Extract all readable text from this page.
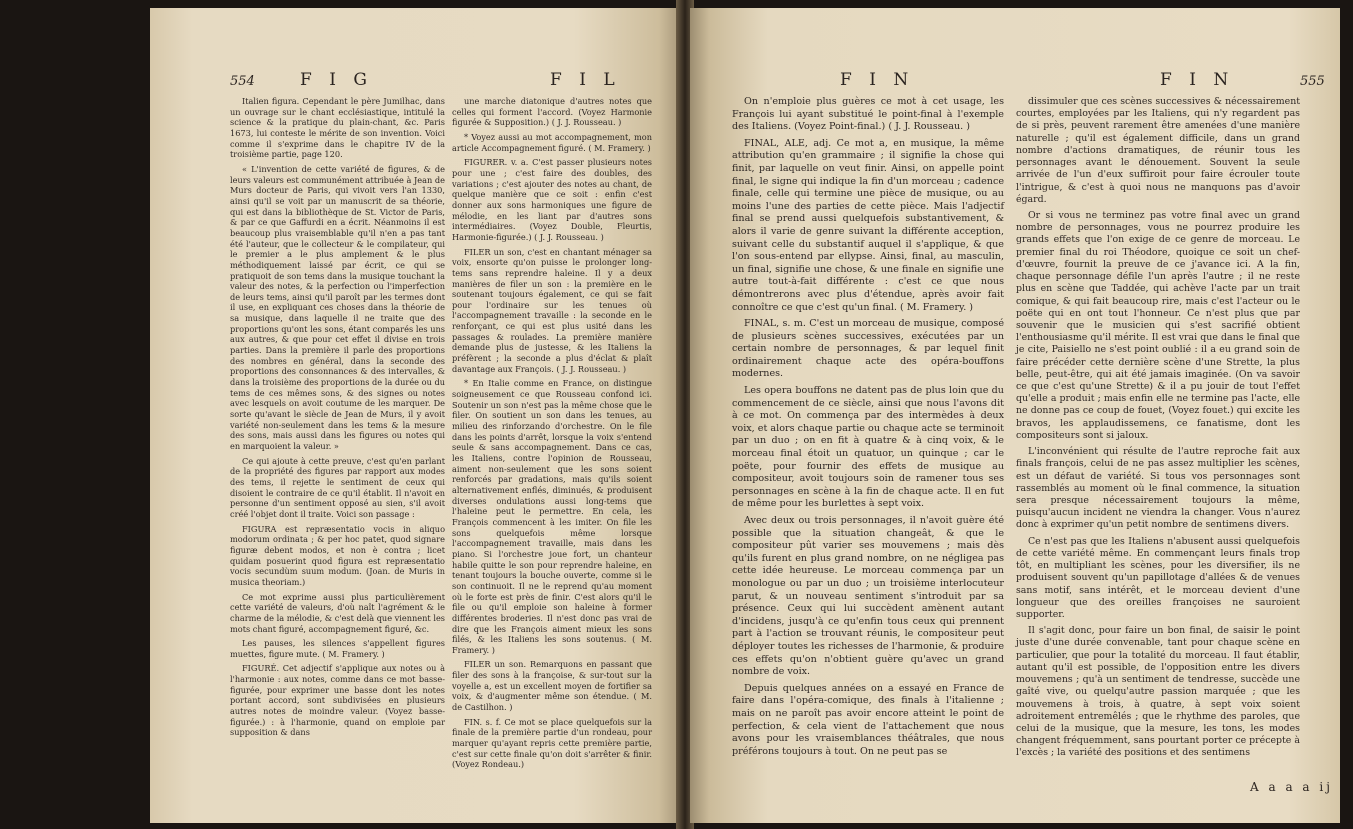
554	F I G	F I L

Italien figura. Cependant le père Jumilhac, dans un ouvrage sur le chant ecclésiastique, intitulé la science & la pratique du plain-chant, &c. Paris 1673, lui conteste le mérite de son invention. Voici comme il s'exprime dans le chapitre IV de la troisième partie, page 120.

« L'invention de cette variété de figures, & de leurs valeurs est communément attribuée à Jean de Murs docteur de Paris, qui vivoit vers l'an 1330, ainsi qu'il se voit par un manuscrit de sa théorie, qui est dans la bibliothèque de St. Victor de Paris, & par ce que Gaffurdi en a écrit. Néanmoins il est beaucoup plus vraisemblable qu'il n'en a pas tant été l'auteur, que le collecteur & le compilateur, qui le premier a le plus amplement & le plus méthodiquement laissé par écrit, ce qui se pratiquoit de son tems dans la musique touchant la valeur des notes, & la perfection ou l'imperfection de leurs tems, ainsi qu'il paroît par les termes dont il use, en expliquant ces choses dans la théorie de sa musique, dans laquelle il ne traite que des proportions qu'ont les sons, étant comparés les uns aux autres, & que pour cet effet il divise en trois parties. Dans la première il parle des proportions des nombres en général, dans la seconde des proportions des consonnances & des intervalles, & dans la troisième des proportions de la durée ou du tems de ces mêmes sons, & des signes ou notes avec lesquels on avoit coutume de les marquer. De sorte qu'avant le siècle de Jean de Murs, il y avoit variété non-seulement dans les tems & la mesure des sons, mais aussi dans les figures ou notes qui en marquoient la valeur. »

Ce qui ajoute à cette preuve, c'est qu'en parlant de la propriété des figures par rapport aux modes des tems, il rejette le sentiment de ceux qui disoient le contraire de ce qu'il établit. Il n'avoit en personne d'un sentiment opposé au sien, s'il avoit créé l'objet dont il traite. Voici son passage :

FIGURA est repræsentatio vocis in aliquo modorum ordinata ; & per hoc patet, quod signare figuræ debent modos, et non è contra ; licet quidam posuerint quod figura est repræsentatio vocis secundùm suum modum. (Joan. de Muris in musica theoriam.)

Ce mot exprime aussi plus particulièrement cette variété de valeurs, d'où naît l'agrément & le charme de la mélodie, & c'est delà que viennent les mots chant figuré, accompagnement figuré, &c.

Les pauses, les silences s'appellent figures muettes, figure mute. ( M. Framery. )

FIGURÉ. Cet adjectif s'applique aux notes ou à l'harmonie : aux notes, comme dans ce mot basse-figurée, pour exprimer une basse dont les notes portant accord, sont subdivisées en plusieurs autres notes de moindre valeur. (Voyez basse-figurée.) : à l'harmonie, quand on emploie par supposition & dans

une marche diatonique d'autres notes que celles qui forment l'accord. (Voyez Harmonie figurée & Supposition.) ( J. J. Rousseau. )

* Voyez aussi au mot accompagnement, mon article Accompagnement figuré. ( M. Framery. )

FIGURER. v. a. C'est passer plusieurs notes pour une ; c'est faire des doubles, des variations ; c'est ajouter des notes au chant, de quelque manière que ce soit : enfin c'est donner aux sons harmoniques une figure de mélodie, en les liant par d'autres sons intermédiaires. (Voyez Double, Fleurtis, Harmonie-figurée.) ( J. J. Rousseau. )

FILER un son, c'est en chantant ménager sa voix, ensorte qu'on puisse le prolonger long-tems sans reprendre haleine. Il y a deux manières de filer un son : la première en le soutenant toujours également, ce qui se fait pour l'ordinaire sur les tenues où l'accompagnement travaille : la seconde en le renforçant, ce qui est plus usité dans les passages & roulades. La première manière demande plus de justesse, & les Italiens la préfèrent ; la seconde a plus d'éclat & plaît davantage aux François. ( J. J. Rousseau. )

* En Italie comme en France, on distingue soigneusement ce que Rousseau confond ici. Soutenir un son n'est pas la même chose que le filer. On soutient un son dans les tenues, au milieu des rinforzando d'orchestre. On le file dans les points d'arrêt, lorsque la voix s'entend seule & sans accompagnement. Dans ce cas, les Italiens, contre l'opinion de Rousseau, aiment non-seulement que les sons soient renforcés par gradations, mais qu'ils soient alternativement enflés, diminués, & produisent diverses ondulations aussi long-tems que l'haleine peut le permettre. En cela, les François commencent à les imiter. On file les sons quelquefois même lorsque l'accompagnement travaille, mais dans les piano. Si l'orchestre joue fort, un chanteur habile quitte le son pour reprendre haleine, en tenant toujours la bouche ouverte, comme si le son continuoit. Il ne le reprend qu'au moment où le forte est près de finir. C'est alors qu'il le file ou qu'il emploie son haleine à former différentes broderies. Il n'est donc pas vrai de dire que les François aiment mieux les sons filés, & les Italiens les sons soutenus. ( M. Framery. )

FILER un son. Remarquons en passant que filer des sons à la françoise, & sur-tout sur la voyelle a, est un excellent moyen de fortifier sa voix, & d'augmenter même son étendue. ( M. de Castilhon. )

FIN. s. f. Ce mot se place quelquefois sur la finale de la première partie d'un rondeau, pour marquer qu'ayant repris cette première partie, c'est sur cette finale qu'on doit s'arrêter & finir. (Voyez Rondeau.)

F I N	F I N	555

On n'emploie plus guères ce mot à cet usage, les François lui ayant substitué le point-final à l'exemple des Italiens. (Voyez Point-final.) ( J. J. Rousseau. )

FINAL, ALE, adj. Ce mot a, en musique, la même attribution qu'en grammaire ; il signifie la chose qui finit, par laquelle on veut finir. Ainsi, on appelle point final, le signe qui indique la fin d'un morceau ; cadence finale, celle qui termine une pièce de musique, ou au moins l'une des parties de cette pièce. Mais l'adjectif final se prend aussi quelquefois substantivement, & alors il varie de genre suivant la différente acception, suivant celle du substantif auquel il s'applique, & que l'on sous-entend par ellypse. Ainsi, final, au masculin, un final, signifie une chose, & une finale en signifie une autre tout-à-fait différente : c'est ce que nous démontrerons avec plus d'étendue, après avoir fait connoître ce que c'est qu'un final. ( M. Framery. )

FINAL, s. m. C'est un morceau de musique, composé de plusieurs scènes successives, exécutées par un certain nombre de personnages, & par lequel finit ordinairement chaque acte des opéra-bouffons modernes.

Les opera bouffons ne datent pas de plus loin que du commencement de ce siècle, ainsi que nous l'avons dit à ce mot. On commença par des intermèdes à deux voix, et alors chaque partie ou chaque acte se terminoit par un duo ; on en fit à quatre & à cinq voix, & le morceau final étoit un quatuor, un quinque ; car le poëte, pour fournir des effets de musique au compositeur, avoit toujours soin de ramener tous ses personnages en scène à la fin de chaque acte. Il en fut de même pour les burlettes à sept voix.

Avec deux ou trois personnages, il n'avoit guère été possible que la situation changeât, & que le compositeur pût varier ses mouvemens ; mais dès qu'ils furent en plus grand nombre, on ne négligea pas cette idée heureuse. Le morceau commença par un monologue ou par un duo ; un troisième interlocuteur parut, & un nouveau sentiment s'introduit par sa présence. Ceux qui lui succèdent amènent autant d'incidens, jusqu'à ce qu'enfin tous ceux qui prennent part à l'action se trouvant réunis, le compositeur peut déployer toutes les richesses de l'harmonie, & produire ces effets qu'on n'obtient guère qu'avec un grand nombre de voix.

Depuis quelques années on a essayé en France de faire dans l'opéra-comique, des finals à l'italienne ; mais on ne paroît pas avoir encore atteint le point de perfection, & cela vient de l'attachement que nous avons pour les vraisemblances théâtrales, que nous préférons toujours à tout. On ne peut pas se

dissimuler que ces scènes successives & nécessairement courtes, employées par les Italiens, qui n'y regardent pas de si près, peuvent rarement être amenées d'une manière naturelle ; qu'il est également difficile, dans un grand nombre d'actions dramatiques, de réunir tous les personnages avant le dénouement. Souvent la seule arrivée de l'un d'eux suffiroit pour faire écrouler toute l'intrigue, & c'est à quoi nous ne manquons pas d'avoir égard.

Or si vous ne terminez pas votre final avec un grand nombre de personnages, vous ne pourrez produire les grands effets que l'on exige de ce genre de morceau. Le premier final du roi Théodore, quoique ce soit un chef-d'œuvre, fournit la preuve de ce j'avance ici. A la fin, chaque personnage défile l'un après l'autre ; il ne reste plus en scène que Taddée, qui achève l'acte par un trait comique, & qui fait beaucoup rire, mais c'est l'acteur ou le poëte qui en ont tout l'honneur. Ce n'est plus que par souvenir que le musicien qui s'est sacrifié obtient l'enthousiasme qu'il mérite. Il est vrai que dans le final que je cite, Paisiello ne s'est point oublié : il a eu grand soin de faire précéder cette dernière scène d'une Strette, la plus belle, peut-être, qui ait été jamais imaginée. (On va savoir ce que c'est qu'une Strette) & il a pu jouir de tout l'effet qu'elle a produit ; mais enfin elle ne termine pas l'acte, elle ne donne pas ce coup de fouet, (Voyez fouet.) qui excite les bravos, les applaudissemens, ce fanatisme, dont les compositeurs sont si jaloux.

L'inconvénient qui résulte de l'autre reproche fait aux finals françois, celui de ne pas assez multiplier les scènes, est un défaut de variété. Si tous vos personnages sont rassemblés au moment où le final commence, la situation sera presque nécessairement toujours la même, puisqu'aucun incident ne viendra la changer. Vous n'aurez donc à exprimer qu'un petit nombre de sentimens divers.

Ce n'est pas que les Italiens n'abusent aussi quelquefois de cette variété même. En commençant leurs finals trop tôt, en multipliant les scènes, pour les diversifier, ils ne produisent souvent qu'un papillotage d'allées & de venues sans motif, sans intérêt, et le morceau devient d'une longueur que des oreilles françoises ne sauroient supporter.

Il s'agit donc, pour faire un bon final, de saisir le point juste d'une durée convenable, tant pour chaque scène en particulier, que pour la totalité du morceau. Il faut établir, autant qu'il est possible, de l'opposition entre les divers mouvemens ; qu'à un sentiment de tendresse, succède une gaîté vive, ou quelqu'autre passion marquée ; que les mouvemens à trois, à quatre, à sept voix soient adroitement entremêlés ; que le rhythme des paroles, que celui de la musique, que la mesure, les tons, les modes changent fréquemment, sans pourtant porter ce précepte à l'excès ; la variété des positions et des sentimens

A a a a ij
